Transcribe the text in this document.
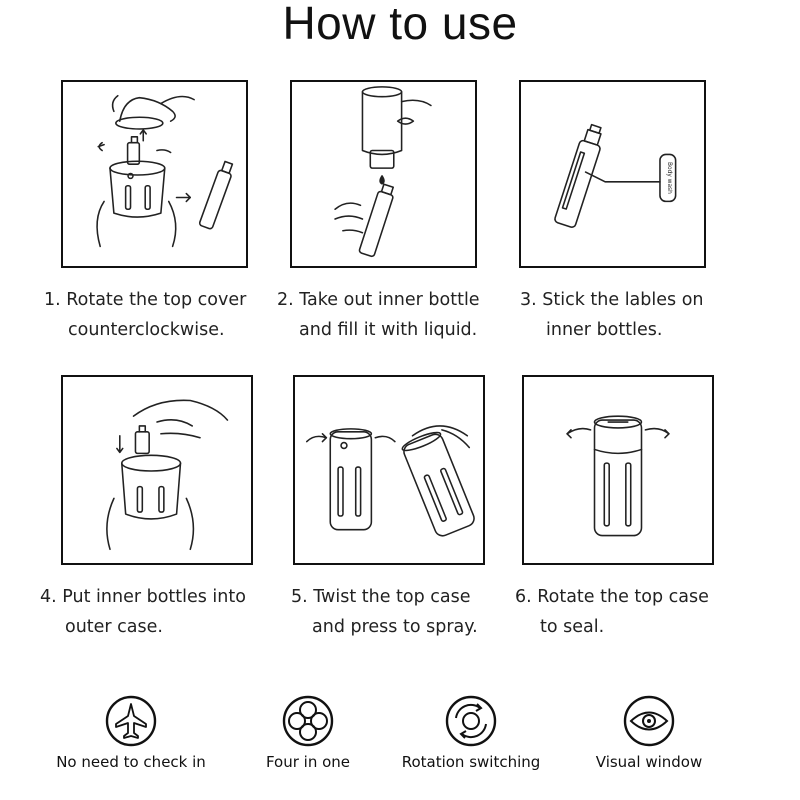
How to use
Body wash
1. Rotate the top cover
counterclockwise.
2. Take out inner bottle
and fill it with liquid.
3. Stick the lables on
inner bottles.
4. Put inner bottles into
outer case.
5. Twist the top case
and press to spray.
6. Rotate the top case
to seal.
No need to check in	Four in one	Rotation switching	Visual window
